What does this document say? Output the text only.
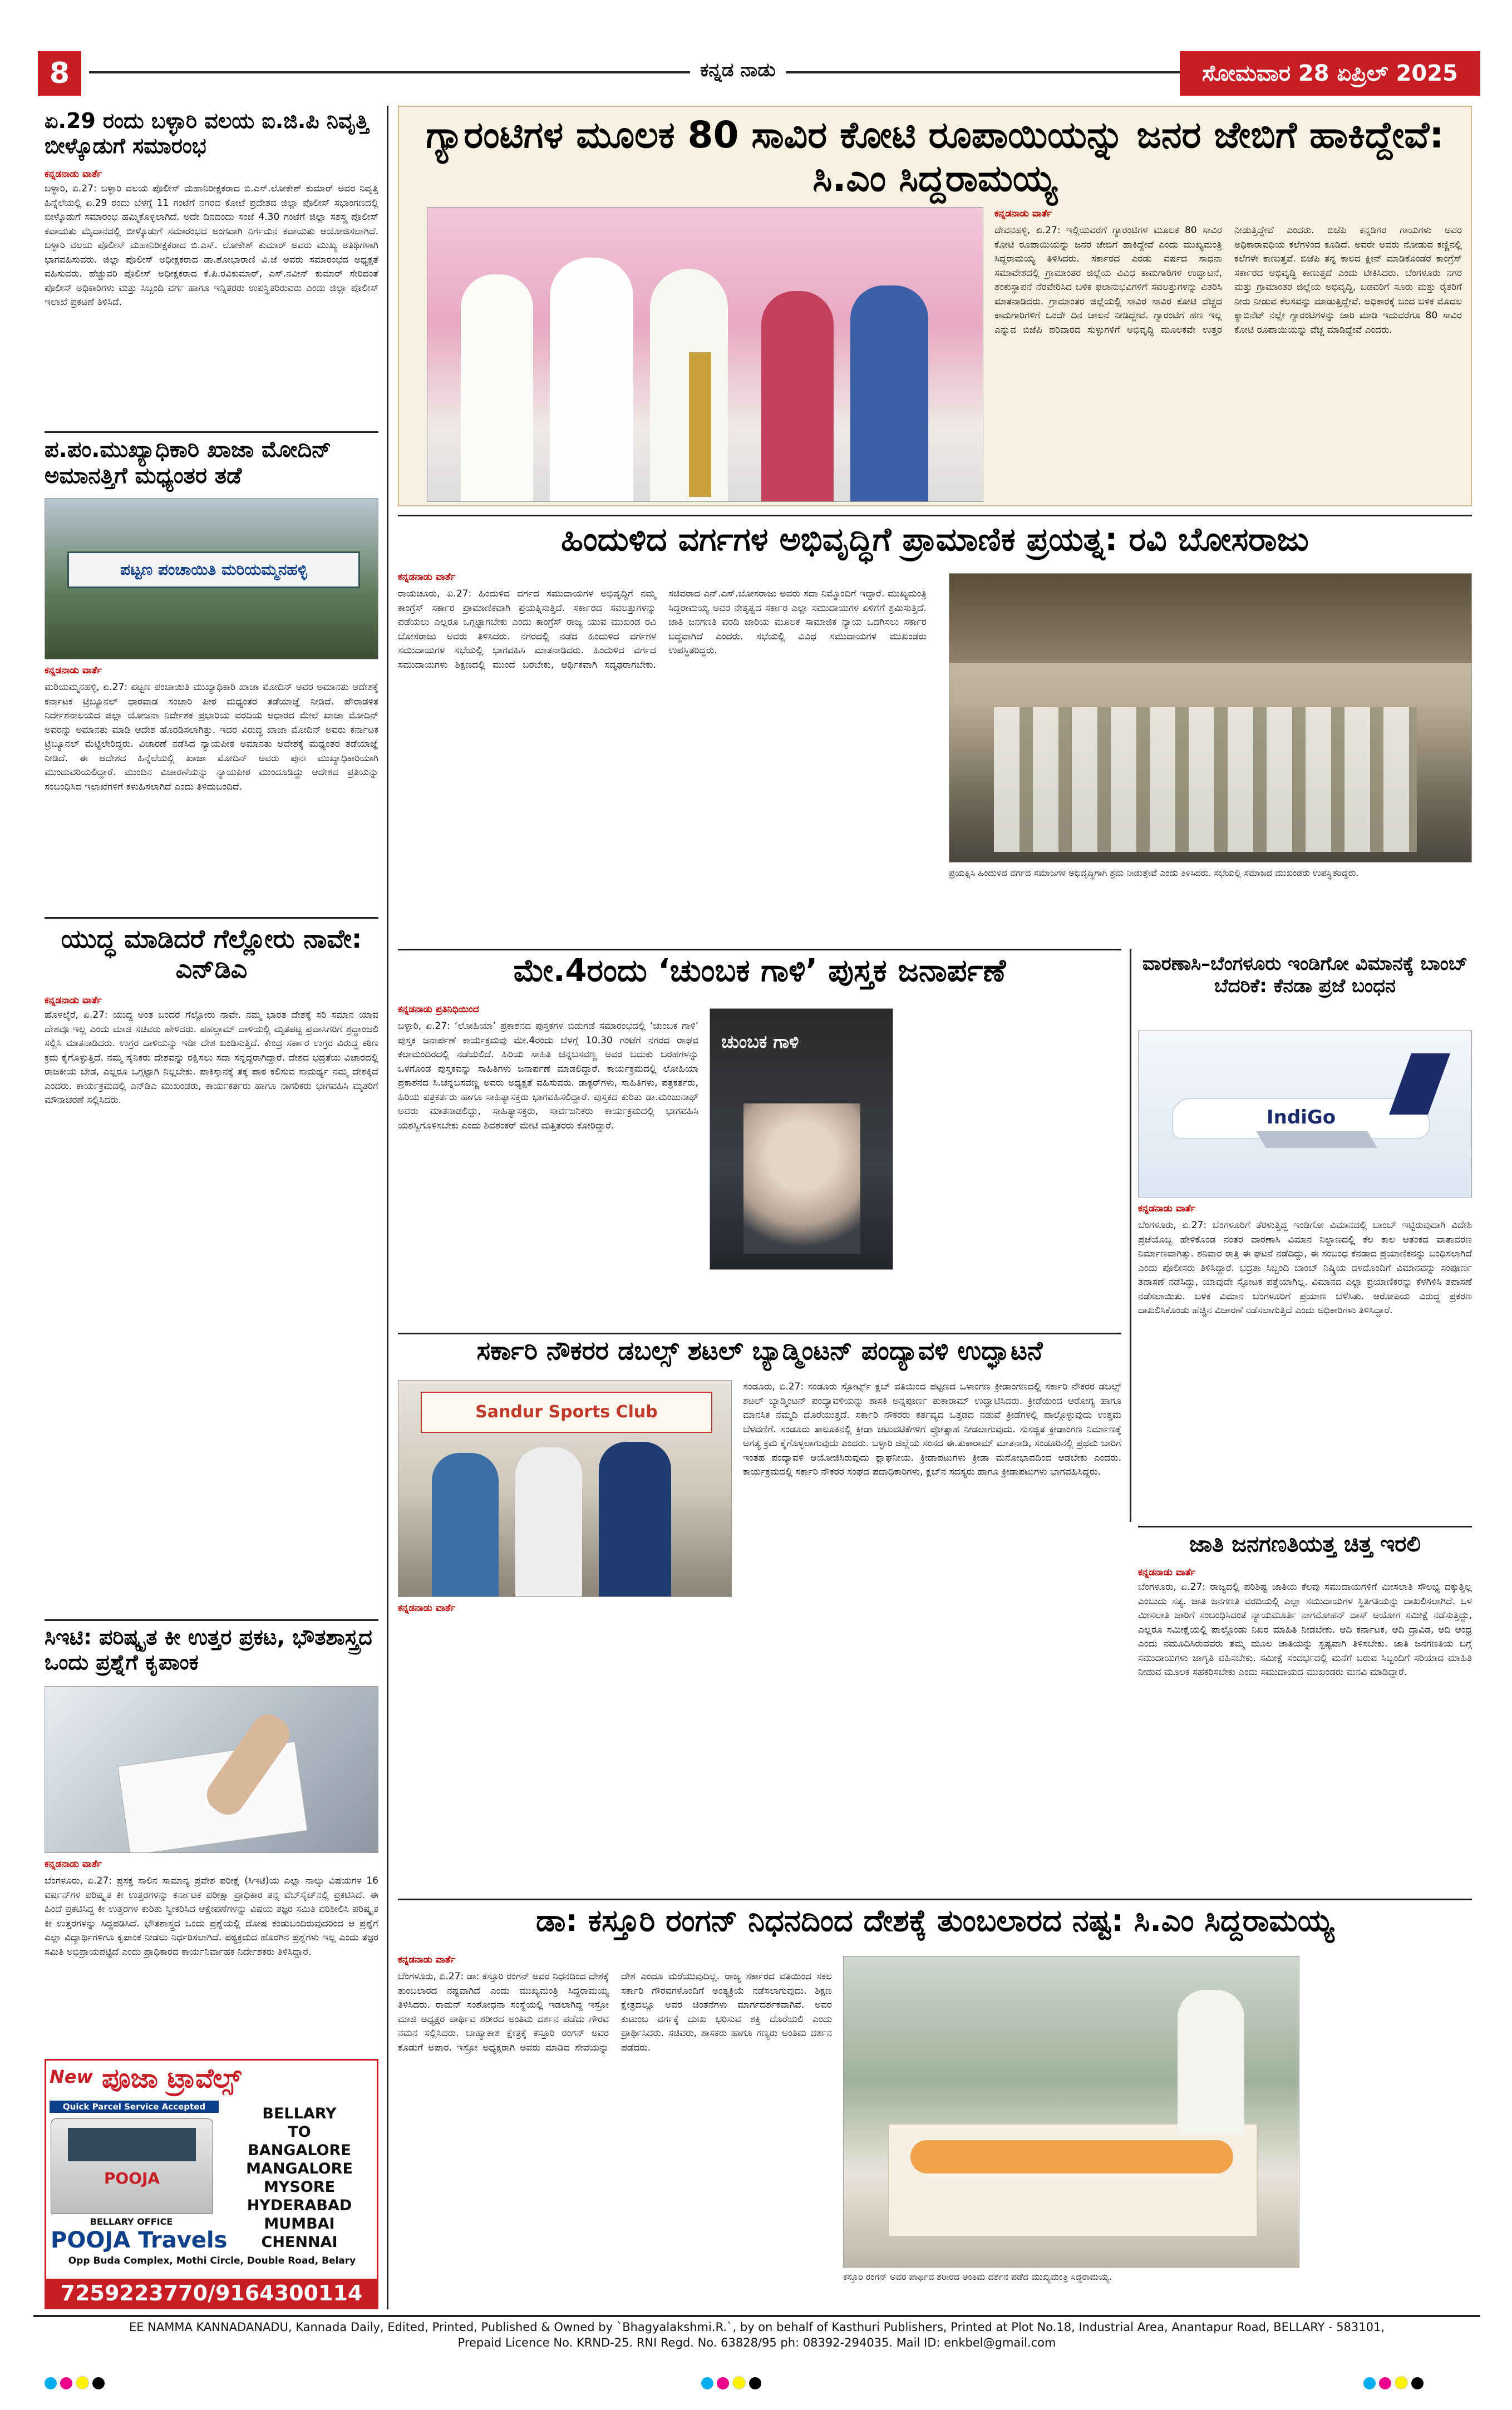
8	ಕನ್ನಡ ನಾಡು	ಸೋಮವಾರ 28 ಏಪ್ರಿಲ್ 2025
ಏ.29 ರಂದು ಬಳ್ಳಾರಿ ವಲಯ ಐ.ಜಿ.ಪಿ ನಿವೃತ್ತಿ ಬೀಳ್ಕೊಡುಗೆ ಸಮಾರಂಭ
ಕನ್ನಡನಾಡು ವಾರ್ತೆ
ಬಳ್ಳಾರಿ, ಏ.27: ಬಳ್ಳಾರಿ ವಲಯ ಪೊಲೀಸ್ ಮಹಾನಿರೀಕ್ಷಕರಾದ ಬಿ.ಎಸ್.ಲೋಕೇಶ್ ಕುಮಾರ್ ಅವರ ನಿವೃತ್ತಿ ಹಿನ್ನೆಲೆಯಲ್ಲಿ ಏ.29 ರಂದು ಬೆಳಗ್ಗೆ 11 ಗಂಟೆಗೆ ನಗರದ ಕೋಟೆ ಪ್ರದೇಶದ ಜಿಲ್ಲಾ ಪೊಲೀಸ್ ಸಭಾಂಗಣದಲ್ಲಿ ಬೀಳ್ಕೊಡುಗೆ ಸಮಾರಂಭ ಹಮ್ಮಿಕೊಳ್ಳಲಾಗಿದೆ. ಅದೇ ದಿನದಂದು ಸಂಜೆ 4.30 ಗಂಟೆಗೆ ಜಿಲ್ಲಾ ಸಶಸ್ತ್ರ ಪೊಲೀಸ್ ಕವಾಯತು ಮೈದಾನದಲ್ಲಿ ಬೀಳ್ಕೊಡುಗೆ ಸಮಾರಂಭದ ಅಂಗವಾಗಿ ನಿರ್ಗಮನ ಕವಾಯತು ಆಯೋಜಿಸಲಾಗಿದೆ. ಬಳ್ಳಾರಿ ವಲಯ ಪೊಲೀಸ್ ಮಹಾನಿರೀಕ್ಷಕರಾದ ಬಿ.ಎಸ್. ಲೋಕೇಶ್ ಕುಮಾರ್ ಅವರು ಮುಖ್ಯ ಅತಿಥಿಗಳಾಗಿ ಭಾಗವಹಿಸುವರು. ಜಿಲ್ಲಾ ಪೊಲೀಸ್ ಅಧೀಕ್ಷಕರಾದ ಡಾ.ಶೋಭಾರಾಣಿ ವಿ.ಜೆ ಅವರು ಸಮಾರಂಭದ ಅಧ್ಯಕ್ಷತೆ ವಹಿಸುವರು. ಹೆಚ್ಚುವರಿ ಪೊಲೀಸ್ ಅಧೀಕ್ಷಕರಾದ ಕೆ.ಪಿ.ರವಿಕುಮಾರ್, ಎಸ್.ನವೀನ್ ಕುಮಾರ್ ಸೇರಿದಂತೆ ಪೊಲೀಸ್ ಅಧಿಕಾರಿಗಳು ಮತ್ತು ಸಿಬ್ಬಂದಿ ವರ್ಗ ಹಾಗೂ ಇನ್ನಿತರರು ಉಪಸ್ಥಿತರಿರುವರು ಎಂದು ಜಿಲ್ಲಾ ಪೊಲೀಸ್ ಇಲಾಖೆ ಪ್ರಕಟಣೆ ತಿಳಿಸಿದೆ.
ಪ.ಪಂ.ಮುಖ್ಯಾಧಿಕಾರಿ ಖಾಜಾ ಮೋದಿನ್ ಅಮಾನತ್ತಿಗೆ ಮಧ್ಯಂತರ ತಡೆ
ಪಟ್ಟಣ ಪಂಚಾಯಿತಿ ಮರಿಯಮ್ಮನಹಳ್ಳಿ
ಕನ್ನಡನಾಡು ವಾರ್ತೆ
ಮರಿಯಮ್ಮನಹಳ್ಳಿ, ಏ.27: ಪಟ್ಟಣ ಪಂಚಾಯಿತಿ ಮುಖ್ಯಾಧಿಕಾರಿ ಖಾಜಾ ಮೋದಿನ್ ಅವರ ಅಮಾನತು ಆದೇಶಕ್ಕೆ ಕರ್ನಾಟಕ ಟ್ರಿಬ್ಯೂನಲ್ ಧಾರವಾಡ ಸಂಚಾರಿ ಪೀಠ ಮಧ್ಯಂತರ ತಡೆಯಾಜ್ಞೆ ನೀಡಿದೆ. ಪೌರಾಡಳಿತ ನಿರ್ದೇಶನಾಲಯದ ಜಿಲ್ಲಾ ಯೋಜನಾ ನಿರ್ದೇಶಕ ಪ್ರಭಾರಿಯ ವರದಿಯ ಆಧಾರದ ಮೇಲೆ ಖಾಜಾ ಮೋದಿನ್ ಅವರನ್ನು ಅಮಾನತು ಮಾಡಿ ಆದೇಶ ಹೊರಡಿಸಲಾಗಿತ್ತು. ಇದರ ವಿರುದ್ಧ ಖಾಜಾ ಮೋದಿನ್ ಅವರು ಕರ್ನಾಟಕ ಟ್ರಿಬ್ಯೂನಲ್ ಮೆಟ್ಟಿಲೇರಿದ್ದರು. ವಿಚಾರಣೆ ನಡೆಸಿದ ನ್ಯಾಯಪೀಠ ಅಮಾನತು ಆದೇಶಕ್ಕೆ ಮಧ್ಯಂತರ ತಡೆಯಾಜ್ಞೆ ನೀಡಿದೆ. ಈ ಆದೇಶದ ಹಿನ್ನೆಲೆಯಲ್ಲಿ ಖಾಜಾ ಮೋದಿನ್ ಅವರು ಪುನಃ ಮುಖ್ಯಾಧಿಕಾರಿಯಾಗಿ ಮುಂದುವರಿಯಲಿದ್ದಾರೆ. ಮುಂದಿನ ವಿಚಾರಣೆಯನ್ನು ನ್ಯಾಯಪೀಠ ಮುಂದೂಡಿದ್ದು ಆದೇಶದ ಪ್ರತಿಯನ್ನು ಸಂಬಂಧಿಸಿದ ಇಲಾಖೆಗಳಿಗೆ ಕಳುಹಿಸಲಾಗಿದೆ ಎಂದು ತಿಳಿದುಬಂದಿದೆ.
ಯುದ್ಧ ಮಾಡಿದರೆ ಗೆಲ್ಲೋರು ನಾವೇ: ಎನ್‌ಡಿಎ
ಕನ್ನಡನಾಡು ವಾರ್ತೆ
ಹೊಳಲ್ಕೆರೆ, ಏ.27: ಯುದ್ಧ ಅಂತ ಬಂದರೆ ಗೆಲ್ಲೋರು ನಾವೇ. ನಮ್ಮ ಭಾರತ ದೇಶಕ್ಕೆ ಸರಿ ಸಮಾನ ಯಾವ ದೇಶವೂ ಇಲ್ಲ ಎಂದು ಮಾಜಿ ಸಚಿವರು ಹೇಳಿದರು. ಪಹಲ್ಗಾಮ್ ದಾಳಿಯಲ್ಲಿ ಮೃತಪಟ್ಟ ಪ್ರವಾಸಿಗರಿಗೆ ಶ್ರದ್ಧಾಂಜಲಿ ಸಲ್ಲಿಸಿ ಮಾತನಾಡಿದರು. ಉಗ್ರರ ದಾಳಿಯನ್ನು ಇಡೀ ದೇಶ ಖಂಡಿಸುತ್ತಿದೆ. ಕೇಂದ್ರ ಸರ್ಕಾರ ಉಗ್ರರ ವಿರುದ್ಧ ಕಠಿಣ ಕ್ರಮ ಕೈಗೊಳ್ಳುತ್ತಿದೆ. ನಮ್ಮ ಸೈನಿಕರು ದೇಶವನ್ನು ರಕ್ಷಿಸಲು ಸದಾ ಸನ್ನದ್ಧರಾಗಿದ್ದಾರೆ. ದೇಶದ ಭದ್ರತೆಯ ವಿಚಾರದಲ್ಲಿ ರಾಜಕೀಯ ಬೇಡ, ಎಲ್ಲರೂ ಒಗ್ಗಟ್ಟಾಗಿ ನಿಲ್ಲಬೇಕು. ಪಾಕಿಸ್ತಾನಕ್ಕೆ ತಕ್ಕ ಪಾಠ ಕಲಿಸುವ ಸಾಮರ್ಥ್ಯ ನಮ್ಮ ದೇಶಕ್ಕಿದೆ ಎಂದರು. ಕಾರ್ಯಕ್ರಮದಲ್ಲಿ ಎನ್‌ಡಿಎ ಮುಖಂಡರು, ಕಾರ್ಯಕರ್ತರು ಹಾಗೂ ನಾಗರಿಕರು ಭಾಗವಹಿಸಿ ಮೃತರಿಗೆ ಮೌನಾಚರಣೆ ಸಲ್ಲಿಸಿದರು.
ಸಿಇಟಿ: ಪರಿಷ್ಕೃತ ಕೀ ಉತ್ತರ ಪ್ರಕಟ, ಭೌತಶಾಸ್ತ್ರದ ಒಂದು ಪ್ರಶ್ನೆಗೆ ಕೃಪಾಂಕ
ಕನ್ನಡನಾಡು ವಾರ್ತೆ
ಬೆಂಗಳೂರು, ಏ.27: ಪ್ರಸಕ್ತ ಸಾಲಿನ ಸಾಮಾನ್ಯ ಪ್ರವೇಶ ಪರೀಕ್ಷೆ (ಸಿಇಟಿ)ಯ ಎಲ್ಲಾ ನಾಲ್ಕು ವಿಷಯಗಳ 16 ವರ್ಷನ್‌ಗಳ ಪರಿಷ್ಕೃತ ಕೀ ಉತ್ತರಗಳನ್ನು ಕರ್ನಾಟಕ ಪರೀಕ್ಷಾ ಪ್ರಾಧಿಕಾರ ತನ್ನ ವೆಬ್‌ಸೈಟ್‌ನಲ್ಲಿ ಪ್ರಕಟಿಸಿದೆ. ಈ ಹಿಂದೆ ಪ್ರಕಟಿಸಿದ್ದ ಕೀ ಉತ್ತರಗಳ ಕುರಿತು ಸ್ವೀಕರಿಸಿದ ಆಕ್ಷೇಪಣೆಗಳನ್ನು ವಿಷಯ ತಜ್ಞರ ಸಮಿತಿ ಪರಿಶೀಲಿಸಿ ಪರಿಷ್ಕೃತ ಕೀ ಉತ್ತರಗಳನ್ನು ಸಿದ್ಧಪಡಿಸಿದೆ. ಭೌತಶಾಸ್ತ್ರದ ಒಂದು ಪ್ರಶ್ನೆಯಲ್ಲಿ ದೋಷ ಕಂಡುಬಂದಿರುವುದರಿಂದ ಆ ಪ್ರಶ್ನೆಗೆ ಎಲ್ಲಾ ವಿದ್ಯಾರ್ಥಿಗಳಿಗೂ ಕೃಪಾಂಕ ನೀಡಲು ನಿರ್ಧರಿಸಲಾಗಿದೆ. ಪಠ್ಯಕ್ರಮದ ಹೊರಗಿನ ಪ್ರಶ್ನೆಗಳು ಇಲ್ಲ ಎಂದು ತಜ್ಞರ ಸಮಿತಿ ಅಭಿಪ್ರಾಯಪಟ್ಟಿದೆ ಎಂದು ಪ್ರಾಧಿಕಾರದ ಕಾರ್ಯನಿರ್ವಾಹಕ ನಿರ್ದೇಶಕರು ತಿಳಿಸಿದ್ದಾರೆ.
New ಪೂಜಾ ಟ್ರಾವೆಲ್ಸ್
Quick Parcel Service Accepted
POOJA
BELLARY OFFICE
BELLARY
TO
BANGALORE
MANGALORE
MYSORE
HYDERABAD
MUMBAI
CHENNAI
POOJA Travels
Opp Buda Complex, Mothi Circle, Double Road, Belary
7259223770/9164300114
ಗ್ಯಾರಂಟಿಗಳ ಮೂಲಕ 80 ಸಾವಿರ ಕೋಟಿ ರೂಪಾಯಿಯನ್ನು ಜನರ ಜೇಬಿಗೆ ಹಾಕಿದ್ದೇವೆ: ಸಿ.ಎಂ ಸಿದ್ದರಾಮಯ್ಯ
ಕನ್ನಡನಾಡು ವಾರ್ತೆ
ದೇವನಹಳ್ಳಿ, ಏ.27: ಇಲ್ಲಿಯವರೆಗೆ ಗ್ಯಾರಂಟಿಗಳ ಮೂಲಕ 80 ಸಾವಿರ ಕೋಟಿ ರೂಪಾಯಿಯನ್ನು ಜನರ ಜೇಬಿಗೆ ಹಾಕಿದ್ದೇವೆ ಎಂದು ಮುಖ್ಯಮಂತ್ರಿ ಸಿದ್ದರಾಮಯ್ಯ ತಿಳಿಸಿದರು. ಸರ್ಕಾರದ ಎರಡು ವರ್ಷದ ಸಾಧನಾ ಸಮಾವೇಶದಲ್ಲಿ ಗ್ರಾಮಾಂತರ ಜಿಲ್ಲೆಯ ವಿವಿಧ ಕಾಮಗಾರಿಗಳ ಉದ್ಘಾಟನೆ, ಶಂಕುಸ್ಥಾಪನೆ ನೆರವೇರಿಸಿದ ಬಳಿಕ ಫಲಾನುಭವಿಗಳಿಗೆ ಸವಲತ್ತುಗಳನ್ನು ವಿತರಿಸಿ ಮಾತನಾಡಿದರು. ಗ್ರಾಮಾಂತರ ಜಿಲ್ಲೆಯಲ್ಲಿ ಸಾವಿರ ಸಾವಿರ ಕೋಟಿ ವೆಚ್ಚದ ಕಾಮಗಾರಿಗಳಿಗೆ ಒಂದೇ ದಿನ ಚಾಲನೆ ನೀಡಿದ್ದೇವೆ. ಗ್ಯಾರಂಟಿಗೆ ಹಣ ಇಲ್ಲ ಎನ್ನುವ ಬಿಜೆಪಿ ಪರಿವಾರದ ಸುಳ್ಳುಗಳಿಗೆ ಅಭಿವೃದ್ಧಿ ಮೂಲಕವೇ ಉತ್ತರ ನೀಡುತ್ತಿದ್ದೇವೆ ಎಂದರು. ಬಿಜೆಪಿ ಕನ್ನಡಿಗರ ಗಾಯಗಳು ಅವರ ಅಧಿಕಾರಾವಧಿಯ ಕಲೆಗಳಿಂದ ಕೂಡಿದೆ. ಅವರೇ ಅವರು ನೋಡುವ ಕಣ್ಣಿನಲ್ಲಿ ಕಲೆಗಳೇ ಕಾಣುತ್ತವೆ. ಬಿಜೆಪಿ ತನ್ನ ಕಾಲದ ಕ್ಲೀನ್ ಮಾಡಿಕೊಂಡರೆ ಕಾಂಗ್ರೆಸ್ ಸರ್ಕಾರದ ಅಭಿವೃದ್ಧಿ ಕಾಣುತ್ತದೆ ಎಂದು ಟೀಕಿಸಿದರು. ಬೆಂಗಳೂರು ನಗರ ಮತ್ತು ಗ್ರಾಮಾಂತರ ಜಿಲ್ಲೆಯ ಅಭಿವೃದ್ಧಿ, ಬಡವರಿಗೆ ಸೂರು ಮತ್ತು ರೈತರಿಗೆ ನೀರು ನೀಡುವ ಕೆಲಸವನ್ನು ಮಾಡುತ್ತಿದ್ದೇವೆ. ಅಧಿಕಾರಕ್ಕೆ ಬಂದ ಬಳಿಕ ಮೊದಲ ಕ್ಯಾಬಿನೆಟ್ ನಲ್ಲೇ ಗ್ಯಾರಂಟಿಗಳನ್ನು ಜಾರಿ ಮಾಡಿ ಇದುವರೆಗೂ 80 ಸಾವಿರ ಕೋಟಿ ರೂಪಾಯಿಯನ್ನು ವೆಚ್ಚ ಮಾಡಿದ್ದೇವೆ ಎಂದರು.
ಹಿಂದುಳಿದ ವರ್ಗಗಳ ಅಭಿವೃದ್ಧಿಗೆ ಪ್ರಾಮಾಣಿಕ ಪ್ರಯತ್ನ: ರವಿ ಬೋಸರಾಜು
ಕನ್ನಡನಾಡು ವಾರ್ತೆ
ರಾಯಚೂರು, ಏ.27: ಹಿಂದುಳಿದ ವರ್ಗದ ಸಮುದಾಯಗಳ ಅಭಿವೃದ್ಧಿಗೆ ನಮ್ಮ ಕಾಂಗ್ರೆಸ್ ಸರ್ಕಾರ ಪ್ರಾಮಾಣಿಕವಾಗಿ ಪ್ರಯತ್ನಿಸುತ್ತಿದೆ. ಸರ್ಕಾರದ ಸವಲತ್ತುಗಳನ್ನು ಪಡೆಯಲು ಎಲ್ಲರೂ ಒಗ್ಗಟ್ಟಾಗಬೇಕು ಎಂದು ಕಾಂಗ್ರೆಸ್ ರಾಜ್ಯ ಯುವ ಮುಖಂಡ ರವಿ ಬೋಸರಾಜು ಅವರು ತಿಳಿಸಿದರು. ನಗರದಲ್ಲಿ ನಡೆದ ಹಿಂದುಳಿದ ವರ್ಗಗಳ ಸಮುದಾಯಗಳ ಸಭೆಯಲ್ಲಿ ಭಾಗವಹಿಸಿ ಮಾತನಾಡಿದರು. ಹಿಂದುಳಿದ ವರ್ಗದ ಸಮುದಾಯಗಳು ಶಿಕ್ಷಣದಲ್ಲಿ ಮುಂದೆ ಬರಬೇಕು, ಆರ್ಥಿಕವಾಗಿ ಸದೃಢರಾಗಬೇಕು. ಸಚಿವರಾದ ಎನ್.ಎಸ್.ಬೋಸರಾಜು ಅವರು ಸದಾ ನಿಮ್ಮೊಂದಿಗೆ ಇದ್ದಾರೆ. ಮುಖ್ಯಮಂತ್ರಿ ಸಿದ್ದರಾಮಯ್ಯ ಅವರ ನೇತೃತ್ವದ ಸರ್ಕಾರ ಎಲ್ಲಾ ಸಮುದಾಯಗಳ ಏಳಿಗೆಗೆ ಶ್ರಮಿಸುತ್ತಿದೆ. ಜಾತಿ ಜನಗಣತಿ ವರದಿ ಜಾರಿಯ ಮೂಲಕ ಸಾಮಾಜಿಕ ನ್ಯಾಯ ಒದಗಿಸಲು ಸರ್ಕಾರ ಬದ್ಧವಾಗಿದೆ ಎಂದರು. ಸಭೆಯಲ್ಲಿ ವಿವಿಧ ಸಮುದಾಯಗಳ ಮುಖಂಡರು ಉಪಸ್ಥಿತರಿದ್ದರು.
ಪ್ರಯತ್ನಿಸಿ ಹಿಂದುಳಿದ ವರ್ಗದ ಸಮಾಜಗಳ ಅಭಿವೃದ್ಧಿಗಾಗಿ ಶ್ರಮ ನೀಡುತ್ತೇವೆ ಎಂದು ತಿಳಿಸಿದರು. ಸಭೆಯಲ್ಲಿ ಸಮಾಜದ ಮುಖಂಡರು ಉಪಸ್ಥಿತರಿದ್ದರು.
ಮೇ.4ರಂದು ‘ಚುಂಬಕ ಗಾಳಿ’ ಪುಸ್ತಕ ಜನಾರ್ಪಣೆ
ಕನ್ನಡನಾಡು ಪ್ರತಿನಿಧಿಯಿಂದ
ಬಳ್ಳಾರಿ, ಏ.27: ‘ಲೋಹಿಯಾ’ ಪ್ರಕಾಶನದ ಪುಸ್ತಕಗಳ ಬಿಡುಗಡೆ ಸಮಾರಂಭದಲ್ಲಿ ‘ಚುಂಬಕ ಗಾಳಿ’ ಪುಸ್ತಕ ಜನಾರ್ಪಣೆ ಕಾರ್ಯಕ್ರಮವು ಮೇ.4ರಂದು ಬೆಳಗ್ಗೆ 10.30 ಗಂಟೆಗೆ ನಗರದ ರಾಘವ ಕಲಾಮಂದಿರದಲ್ಲಿ ನಡೆಯಲಿದೆ. ಹಿರಿಯ ಸಾಹಿತಿ ಚನ್ನಬಸವಣ್ಣ ಅವರ ಬದುಕು ಬರಹಗಳನ್ನು ಒಳಗೊಂಡ ಪುಸ್ತಕವನ್ನು ಸಾಹಿತಿಗಳು ಜನಾರ್ಪಣೆ ಮಾಡಲಿದ್ದಾರೆ. ಕಾರ್ಯಕ್ರಮದಲ್ಲಿ ಲೋಹಿಯಾ ಪ್ರಕಾಶನದ ಸಿ.ಚನ್ನಬಸವಣ್ಣ ಅವರು ಅಧ್ಯಕ್ಷತೆ ವಹಿಸುವರು. ಡಾಕ್ಟರ್‌ಗಳು, ಸಾಹಿತಿಗಳು, ಪತ್ರಕರ್ತರು, ಹಿರಿಯ ಪತ್ರಕರ್ತರು ಹಾಗೂ ಸಾಹಿತ್ಯಾಸಕ್ತರು ಭಾಗವಹಿಸಲಿದ್ದಾರೆ. ಪುಸ್ತಕದ ಕುರಿತು ಡಾ.ಮಂಜುನಾಥ್ ಅವರು ಮಾತನಾಡಲಿದ್ದು, ಸಾಹಿತ್ಯಾಸಕ್ತರು, ಸಾರ್ವಜನಿಕರು ಕಾರ್ಯಕ್ರಮದಲ್ಲಿ ಭಾಗವಹಿಸಿ ಯಶಸ್ವಿಗೊಳಿಸಬೇಕು ಎಂದು ಶಿವಶಂಕರ್ ಮೇಟಿ ಮತ್ತಿತರರು ಕೋರಿದ್ದಾರೆ.
ಚುಂಬಕ ಗಾಳಿ
ವಾರಣಾಸಿ–ಬೆಂಗಳೂರು ಇಂಡಿಗೋ ವಿಮಾನಕ್ಕೆ ಬಾಂಬ್ ಬೆದರಿಕೆ: ಕೆನಡಾ ಪ್ರಜೆ ಬಂಧನ
IndiGo
ಕನ್ನಡನಾಡು ವಾರ್ತೆ
ಬೆಂಗಳೂರು, ಏ.27: ಬೆಂಗಳೂರಿಗೆ ತೆರಳುತ್ತಿದ್ದ ಇಂಡಿಗೋ ವಿಮಾನದಲ್ಲಿ ಬಾಂಬ್ ಇಟ್ಟಿರುವುದಾಗಿ ವಿದೇಶಿ ಪ್ರಜೆಯೊಬ್ಬ ಹೇಳಿಕೊಂಡ ನಂತರ ವಾರಣಾಸಿ ವಿಮಾನ ನಿಲ್ದಾಣದಲ್ಲಿ ಕೆಲ ಕಾಲ ಆತಂಕದ ವಾತಾವರಣ ನಿರ್ಮಾಣವಾಗಿತ್ತು. ಶನಿವಾರ ರಾತ್ರಿ ಈ ಘಟನೆ ನಡೆದಿದ್ದು, ಈ ಸಂಬಂಧ ಕೆನಡಾದ ಪ್ರಯಾಣಿಕನನ್ನು ಬಂಧಿಸಲಾಗಿದೆ ಎಂದು ಪೊಲೀಸರು ತಿಳಿಸಿದ್ದಾರೆ. ಭದ್ರತಾ ಸಿಬ್ಬಂದಿ ಬಾಂಬ್ ನಿಷ್ಕ್ರಿಯ ದಳದೊಂದಿಗೆ ವಿಮಾನವನ್ನು ಸಂಪೂರ್ಣ ತಪಾಸಣೆ ನಡೆಸಿದ್ದು, ಯಾವುದೇ ಸ್ಫೋಟಕ ಪತ್ತೆಯಾಗಿಲ್ಲ. ವಿಮಾನದ ಎಲ್ಲಾ ಪ್ರಯಾಣಿಕರನ್ನು ಕೆಳಗಿಳಿಸಿ ತಪಾಸಣೆ ನಡೆಸಲಾಯಿತು. ಬಳಿಕ ವಿಮಾನ ಬೆಂಗಳೂರಿಗೆ ಪ್ರಯಾಣ ಬೆಳೆಸಿತು. ಆರೋಪಿಯ ವಿರುದ್ಧ ಪ್ರಕರಣ ದಾಖಲಿಸಿಕೊಂಡು ಹೆಚ್ಚಿನ ವಿಚಾರಣೆ ನಡೆಸಲಾಗುತ್ತಿದೆ ಎಂದು ಅಧಿಕಾರಿಗಳು ತಿಳಿಸಿದ್ದಾರೆ.
ಸರ್ಕಾರಿ ನೌಕರರ ಡಬಲ್ಸ್ ಶಟಲ್ ಬ್ಯಾಡ್ಮಿಂಟನ್ ಪಂದ್ಯಾವಳಿ ಉದ್ಘಾಟನೆ
Sandur Sports Club
ಸಂಡೂರು, ಏ.27: ಸಂಡೂರು ಸ್ಪೋರ್ಟ್ಸ್ ಕ್ಲಬ್ ವತಿಯಿಂದ ಪಟ್ಟಣದ ಒಳಾಂಗಣ ಕ್ರೀಡಾಂಗಣದಲ್ಲಿ ಸರ್ಕಾರಿ ನೌಕರರ ಡಬಲ್ಸ್ ಶಟಲ್ ಬ್ಯಾಡ್ಮಿಂಟನ್ ಪಂದ್ಯಾವಳಿಯನ್ನು ಶಾಸಕಿ ಅನ್ನಪೂರ್ಣ ತುಕಾರಾಮ್ ಉದ್ಘಾಟಿಸಿದರು. ಕ್ರೀಡೆಯಿಂದ ಆರೋಗ್ಯ ಹಾಗೂ ಮಾನಸಿಕ ನೆಮ್ಮದಿ ದೊರೆಯುತ್ತದೆ. ಸರ್ಕಾರಿ ನೌಕರರು ಕರ್ತವ್ಯದ ಒತ್ತಡದ ನಡುವೆ ಕ್ರೀಡೆಗಳಲ್ಲಿ ಪಾಲ್ಗೊಳ್ಳುವುದು ಉತ್ತಮ ಬೆಳವಣಿಗೆ. ಸಂಡೂರು ತಾಲೂಕಿನಲ್ಲಿ ಕ್ರೀಡಾ ಚಟುವಟಿಕೆಗಳಿಗೆ ಪ್ರೋತ್ಸಾಹ ನೀಡಲಾಗುವುದು. ಸುಸಜ್ಜಿತ ಕ್ರೀಡಾಂಗಣ ನಿರ್ಮಾಣಕ್ಕೆ ಅಗತ್ಯ ಕ್ರಮ ಕೈಗೊಳ್ಳಲಾಗುವುದು ಎಂದರು. ಬಳ್ಳಾರಿ ಜಿಲ್ಲೆಯ ಸಂಸದ ಈ.ತುಕಾರಾಮ್ ಮಾತನಾಡಿ, ಸಂಡೂರಿನಲ್ಲಿ ಪ್ರಥಮ ಬಾರಿಗೆ ಇಂತಹ ಪಂದ್ಯಾವಳಿ ಆಯೋಜಿಸಿರುವುದು ಶ್ಲಾಘನೀಯ. ಕ್ರೀಡಾಪಟುಗಳು ಕ್ರೀಡಾ ಮನೋಭಾವದಿಂದ ಆಡಬೇಕು ಎಂದರು. ಕಾರ್ಯಕ್ರಮದಲ್ಲಿ ಸರ್ಕಾರಿ ನೌಕರರ ಸಂಘದ ಪದಾಧಿಕಾರಿಗಳು, ಕ್ಲಬ್‌ನ ಸದಸ್ಯರು ಹಾಗೂ ಕ್ರೀಡಾಪಟುಗಳು ಭಾಗವಹಿಸಿದ್ದರು.
ಕನ್ನಡನಾಡು ವಾರ್ತೆ
ಜಾತಿ ಜನಗಣತಿಯತ್ತ ಚಿತ್ತ ಇರಲಿ
ಕನ್ನಡನಾಡು ವಾರ್ತೆ
ಬೆಂಗಳೂರು, ಏ.27: ರಾಜ್ಯದಲ್ಲಿ ಪರಿಶಿಷ್ಟ ಜಾತಿಯ ಕೆಲವು ಸಮುದಾಯಗಳಿಗೆ ಮೀಸಲಾತಿ ಸೌಲಭ್ಯ ದಕ್ಕುತ್ತಿಲ್ಲ ಎಂಬುದು ಸತ್ಯ. ಜಾತಿ ಜನಗಣತಿ ವರದಿಯಲ್ಲಿ ಎಲ್ಲಾ ಸಮುದಾಯಗಳ ಸ್ಥಿತಿಗತಿಯನ್ನು ದಾಖಲಿಸಲಾಗಿದೆ. ಒಳ ಮೀಸಲಾತಿ ಜಾರಿಗೆ ಸಂಬಂಧಿಸಿದಂತೆ ನ್ಯಾಯಮೂರ್ತಿ ನಾಗಮೋಹನ್ ದಾಸ್ ಆಯೋಗ ಸಮೀಕ್ಷೆ ನಡೆಸುತ್ತಿದ್ದು, ಎಲ್ಲರೂ ಸಮೀಕ್ಷೆಯಲ್ಲಿ ಪಾಲ್ಗೊಂಡು ನಿಖರ ಮಾಹಿತಿ ನೀಡಬೇಕು. ಆದಿ ಕರ್ನಾಟಕ, ಆದಿ ದ್ರಾವಿಡ, ಆದಿ ಆಂಧ್ರ ಎಂದು ನಮೂದಿಸಿರುವವರು ತಮ್ಮ ಮೂಲ ಜಾತಿಯನ್ನು ಸ್ಪಷ್ಟವಾಗಿ ತಿಳಿಸಬೇಕು. ಜಾತಿ ಜನಗಣತಿಯ ಬಗ್ಗೆ ಸಮುದಾಯಗಳು ಜಾಗೃತಿ ವಹಿಸಬೇಕು. ಸಮೀಕ್ಷೆ ಸಂದರ್ಭದಲ್ಲಿ ಮನೆಗೆ ಬರುವ ಸಿಬ್ಬಂದಿಗೆ ಸರಿಯಾದ ಮಾಹಿತಿ ನೀಡುವ ಮೂಲಕ ಸಹಕರಿಸಬೇಕು ಎಂದು ಸಮುದಾಯದ ಮುಖಂಡರು ಮನವಿ ಮಾಡಿದ್ದಾರೆ.
ಡಾ: ಕಸ್ತೂರಿ ರಂಗನ್ ನಿಧನದಿಂದ ದೇಶಕ್ಕೆ ತುಂಬಲಾರದ ನಷ್ಟ: ಸಿ.ಎಂ ಸಿದ್ದರಾಮಯ್ಯ
ಕನ್ನಡನಾಡು ವಾರ್ತೆ
ಬೆಂಗಳೂರು, ಏ.27: ಡಾ: ಕಸ್ತೂರಿ ರಂಗನ್ ಅವರ ನಿಧನದಿಂದ ದೇಶಕ್ಕೆ ತುಂಬಲಾರದ ನಷ್ಟವಾಗಿದೆ ಎಂದು ಮುಖ್ಯಮಂತ್ರಿ ಸಿದ್ದರಾಮಯ್ಯ ತಿಳಿಸಿದರು. ರಾಮನ್ ಸಂಶೋಧನಾ ಸಂಸ್ಥೆಯಲ್ಲಿ ಇಡಲಾಗಿದ್ದ ಇಸ್ರೋ ಮಾಜಿ ಅಧ್ಯಕ್ಷರ ಪಾರ್ಥಿವ ಶರೀರದ ಅಂತಿಮ ದರ್ಶನ ಪಡೆದು ಗೌರವ ನಮನ ಸಲ್ಲಿಸಿದರು. ಬಾಹ್ಯಾಕಾಶ ಕ್ಷೇತ್ರಕ್ಕೆ ಕಸ್ತೂರಿ ರಂಗನ್ ಅವರ ಕೊಡುಗೆ ಅಪಾರ. ಇಸ್ರೋ ಅಧ್ಯಕ್ಷರಾಗಿ ಅವರು ಮಾಡಿದ ಸೇವೆಯನ್ನು ದೇಶ ಎಂದೂ ಮರೆಯುವುದಿಲ್ಲ. ರಾಜ್ಯ ಸರ್ಕಾರದ ವತಿಯಿಂದ ಸಕಲ ಸರ್ಕಾರಿ ಗೌರವಗಳೊಂದಿಗೆ ಅಂತ್ಯಕ್ರಿಯೆ ನಡೆಸಲಾಗುವುದು. ಶಿಕ್ಷಣ ಕ್ಷೇತ್ರದಲ್ಲೂ ಅವರ ಚಿಂತನೆಗಳು ಮಾರ್ಗದರ್ಶಕವಾಗಿವೆ. ಅವರ ಕುಟುಂಬ ವರ್ಗಕ್ಕೆ ದುಃಖ ಭರಿಸುವ ಶಕ್ತಿ ದೊರೆಯಲಿ ಎಂದು ಪ್ರಾರ್ಥಿಸಿದರು. ಸಚಿವರು, ಶಾಸಕರು ಹಾಗೂ ಗಣ್ಯರು ಅಂತಿಮ ದರ್ಶನ ಪಡೆದರು.
ಕಸ್ತೂರಿ ರಂಗನ್ ಅವರ ಪಾರ್ಥಿವ ಶರೀರದ ಅಂತಿಮ ದರ್ಶನ ಪಡೆದ ಮುಖ್ಯಮಂತ್ರಿ ಸಿದ್ದರಾಮಯ್ಯ.
EE NAMMA KANNADANADU, Kannada Daily, Edited, Printed, Published & Owned by `Bhagyalakshmi.R.`, by on behalf of Kasthuri Publishers, Printed at Plot No.18, Industrial Area, Anantapur Road, BELLARY - 583101,
Prepaid Licence No. KRND-25. RNI Regd. No. 63828/95 ph: 08392-294035. Mail ID: enkbel@gmail.com
